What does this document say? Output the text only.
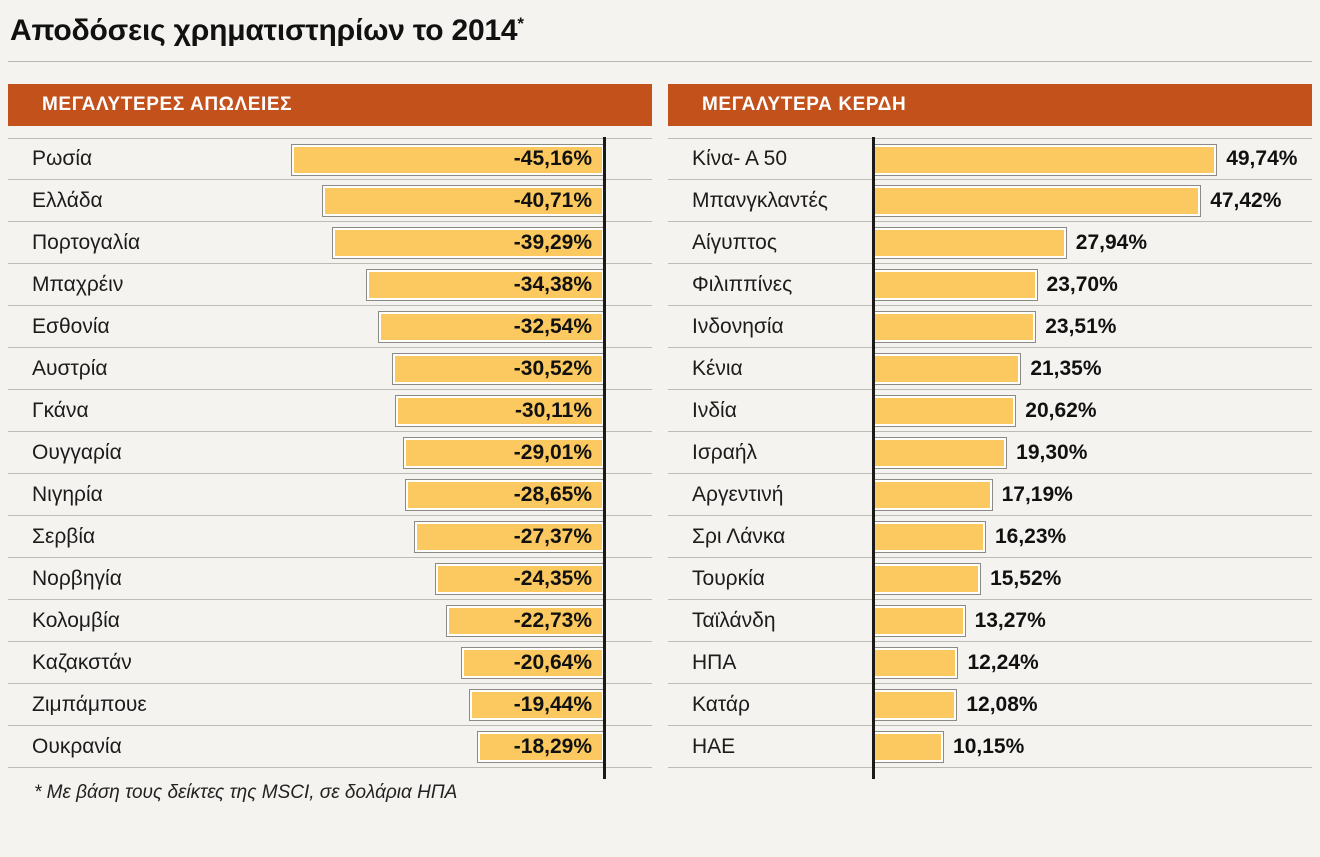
Αποδόσεις χρηματιστηρίων το 2014*
ΜΕΓΑΛΥΤΕΡΕΣ ΑΠΩΛΕΙΕΣ
Ρωσία	-45,16%
Ελλάδα	-40,71%
Πορτογαλία	-39,29%
Μπαχρέιν	-34,38%
Εσθονία	-32,54%
Αυστρία	-30,52%
Γκάνα	-30,11%
Ουγγαρία	-29,01%
Νιγηρία	-28,65%
Σερβία	-27,37%
Νορβηγία	-24,35%
Κολομβία	-22,73%
Καζακστάν	-20,64%
Ζιμπάμπουε	-19,44%
Ουκρανία	-18,29%
* Με βάση τους δείκτες της MSCI, σε δολάρια ΗΠΑ
ΜΕΓΑΛΥΤΕΡΑ ΚΕΡΔΗ
Κίνα- Α 50	49,74%
Μπανγκλαντές	47,42%
Αίγυπτος	27,94%
Φιλιππίνες	23,70%
Ινδονησία	23,51%
Κένια	21,35%
Ινδία	20,62%
Ισραήλ	19,30%
Αργεντινή	17,19%
Σρι Λάνκα	16,23%
Τουρκία	15,52%
Ταϊλάνδη	13,27%
ΗΠΑ	12,24%
Κατάρ	12,08%
ΗΑΕ	10,15%
